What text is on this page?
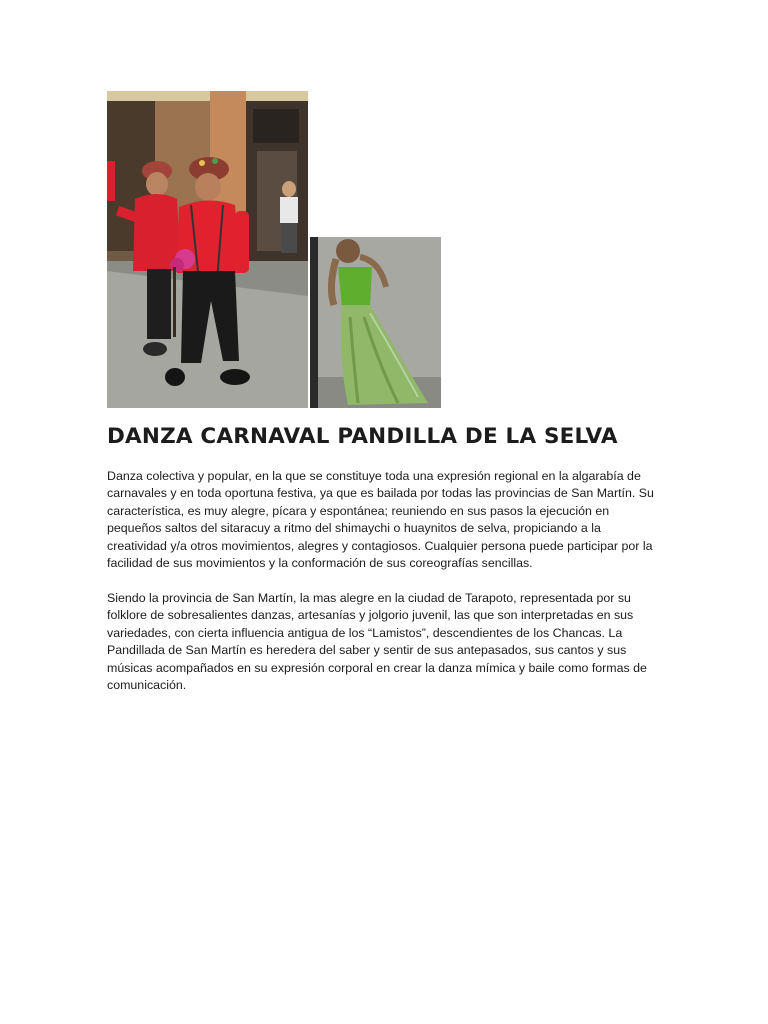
DANZA CARNAVAL PANDILLA DE LA SELVA

Danza colectiva y popular, en la que se constituye toda una expresión regional en la algarabía de carnavales y en toda oportuna festiva, ya que es bailada por todas las provincias de San Martín. Su característica, es muy alegre, pícara y espontánea; reuniendo en sus pasos la ejecución en pequeños saltos del sitaracuy a ritmo del shimaychi o huaynitos de selva, propiciando a la creatividad y/a otros movimientos, alegres y contagiosos. Cualquier persona puede participar por la facilidad de sus movimientos y la conformación de sus coreografías sencillas.

Siendo la provincia de San Martín, la mas alegre en la ciudad de Tarapoto, representada por su folklore de sobresalientes danzas, artesanías y jolgorio juvenil, las que son interpretadas en sus variedades, con cierta influencia antigua de los “Lamistos”, descendientes de los Chancas. La Pandillada de San Martín es heredera del saber y sentir de sus antepasados, sus cantos y sus músicas acompañados en su expresión corporal en crear la danza mímica y baile como formas de comunicación.
